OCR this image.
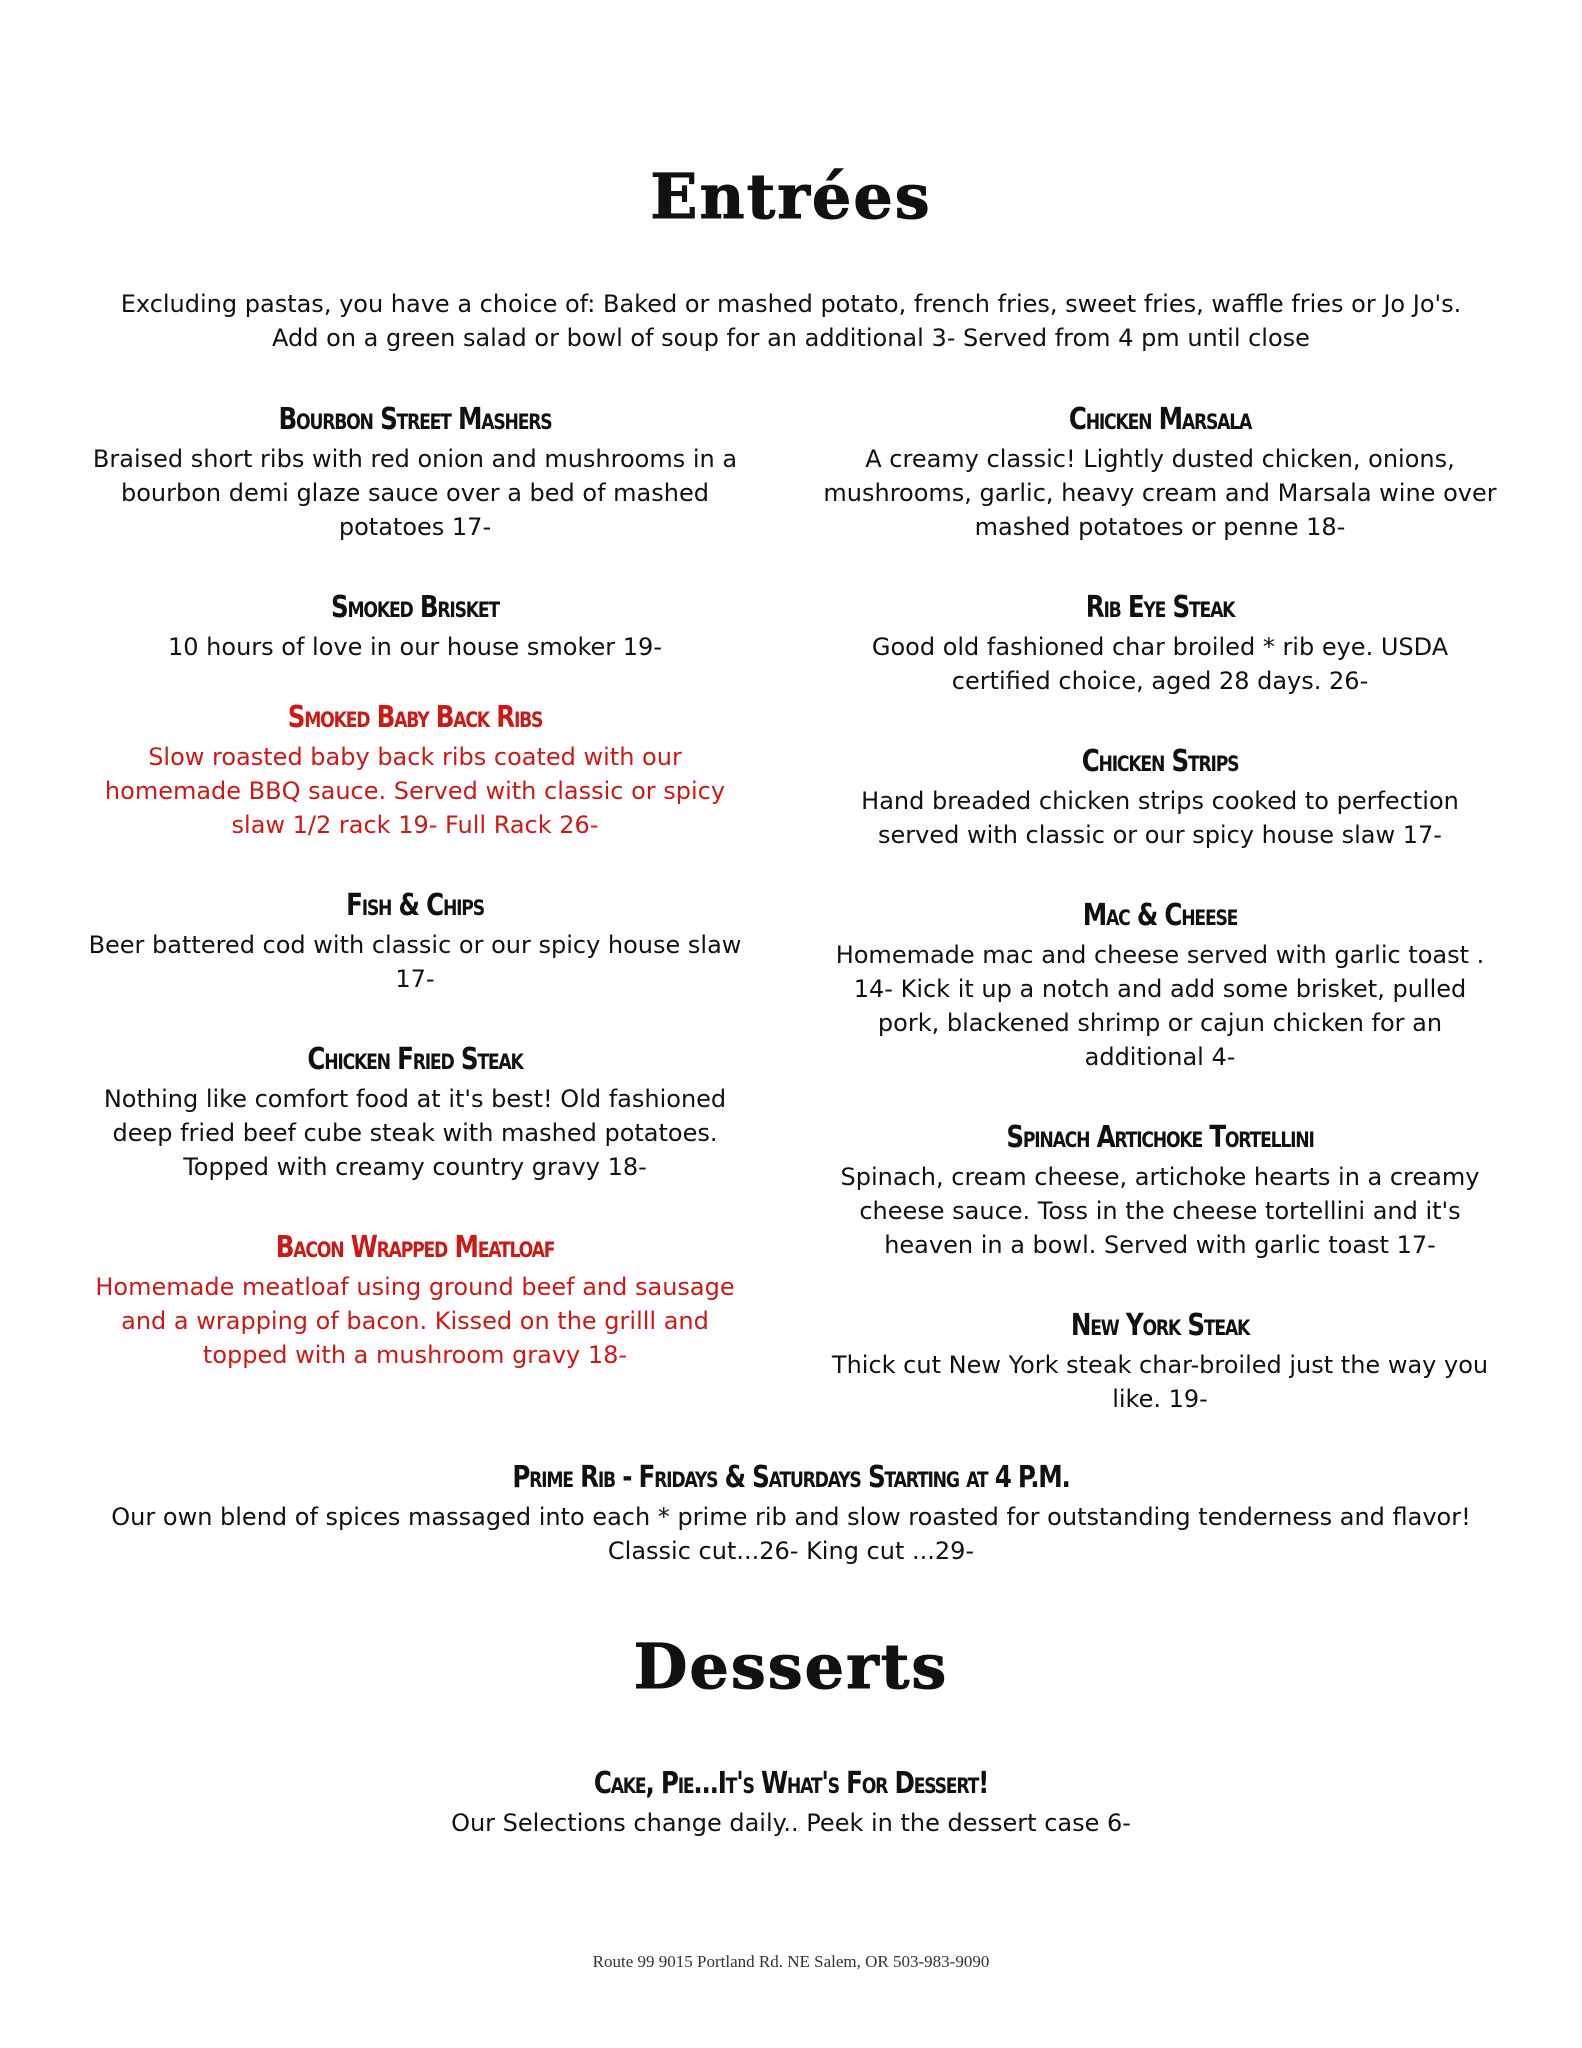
Entrées
Excluding pastas, you have a choice of: Baked or mashed potato, french fries, sweet fries, waffle fries or Jo Jo's. Add on a green salad or bowl of soup for an additional 3- Served from 4 pm until close
Bourbon Street Mashers
Braised short ribs with red onion and mushrooms in a bourbon demi glaze sauce over a bed of mashed potatoes 17-
Smoked Brisket
10 hours of love in our house smoker 19-
Smoked Baby Back Ribs
Slow roasted baby back ribs coated with our homemade BBQ sauce. Served with classic or spicy slaw 1/2 rack 19- Full Rack 26-
Fish & Chips
Beer battered cod with classic or our spicy house slaw 17-
Chicken Fried Steak
Nothing like comfort food at it's best! Old fashioned deep fried beef cube steak with mashed potatoes. Topped with creamy country gravy 18-
Bacon Wrapped Meatloaf
Homemade meatloaf using ground beef and sausage and a wrapping of bacon. Kissed on the grilll and topped with a mushroom gravy 18-
Chicken Marsala
A creamy classic! Lightly dusted chicken, onions, mushrooms, garlic, heavy cream and Marsala wine over mashed potatoes or penne 18-
Rib Eye Steak
Good old fashioned char broiled * rib eye. USDA certified choice, aged 28 days. 26-
Chicken Strips
Hand breaded chicken strips cooked to perfection served with classic or our spicy house slaw 17-
Mac & Cheese
Homemade mac and cheese served with garlic toast . 14- Kick it up a notch and add some brisket, pulled pork, blackened shrimp or cajun chicken for an additional 4-
Spinach Artichoke Tortellini
Spinach, cream cheese, artichoke hearts in a creamy cheese sauce. Toss in the cheese tortellini and it's heaven in a bowl. Served with garlic toast 17-
New York Steak
Thick cut New York steak char-broiled just the way you like. 19-
Prime Rib - Fridays & Saturdays Starting at 4 P.M.
Our own blend of spices massaged into each * prime rib and slow roasted for outstanding tenderness and flavor!
Classic cut...26- King cut ...29-
Desserts
Cake, Pie...It's What's For Dessert!
Our Selections change daily.. Peek in the dessert case 6-
Route 99 9015 Portland Rd. NE Salem, OR 503-983-9090
